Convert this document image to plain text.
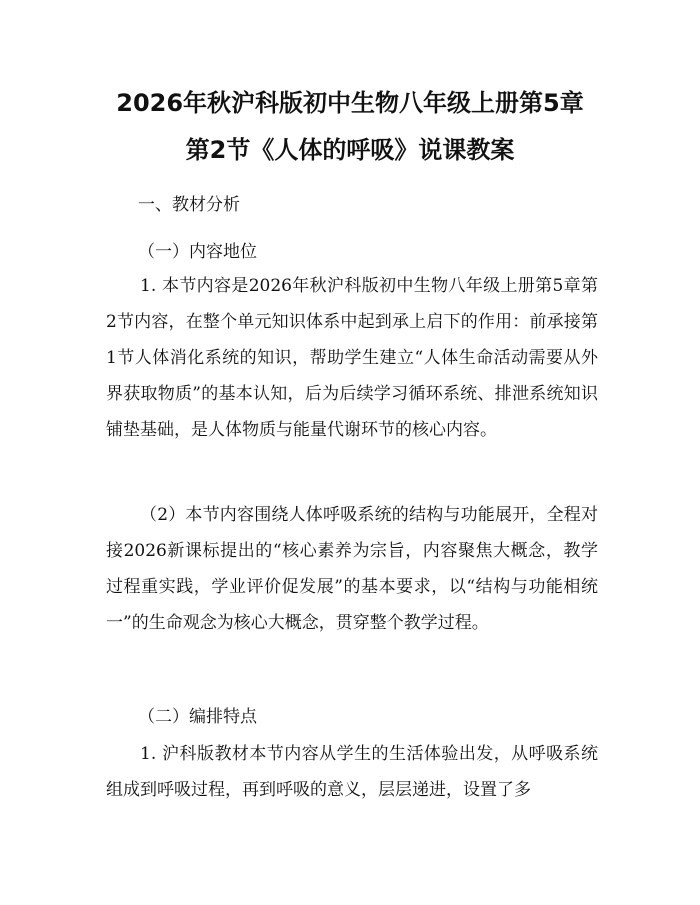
2026年秋沪科版初中生物八年级上册第5章
第2节《人体的呼吸》说课教案
一、教材分析
（一）内容地位

1. 本节内容是2026年秋沪科版初中生物八年级上册第5章第2节内容，在整个单元知识体系中起到承上启下的作用：前承接第1节人体消化系统的知识，帮助学生建立“人体生命活动需要从外界获取物质”的基本认知，后为后续学习循环系统、排泄系统知识铺垫基础，是人体物质与能量代谢环节的核心内容。

（2）本节内容围绕人体呼吸系统的结构与功能展开，全程对接2026新课标提出的“核心素养为宗旨，内容聚焦大概念，教学过程重实践，学业评价促发展”的基本要求，以“结构与功能相统一”的生命观念为核心大概念，贯穿整个教学过程。

（二）编排特点

1. 沪科版教材本节内容从学生的生活体验出发，从呼吸系统组成到呼吸过程，再到呼吸的意义，层层递进，设置了多
